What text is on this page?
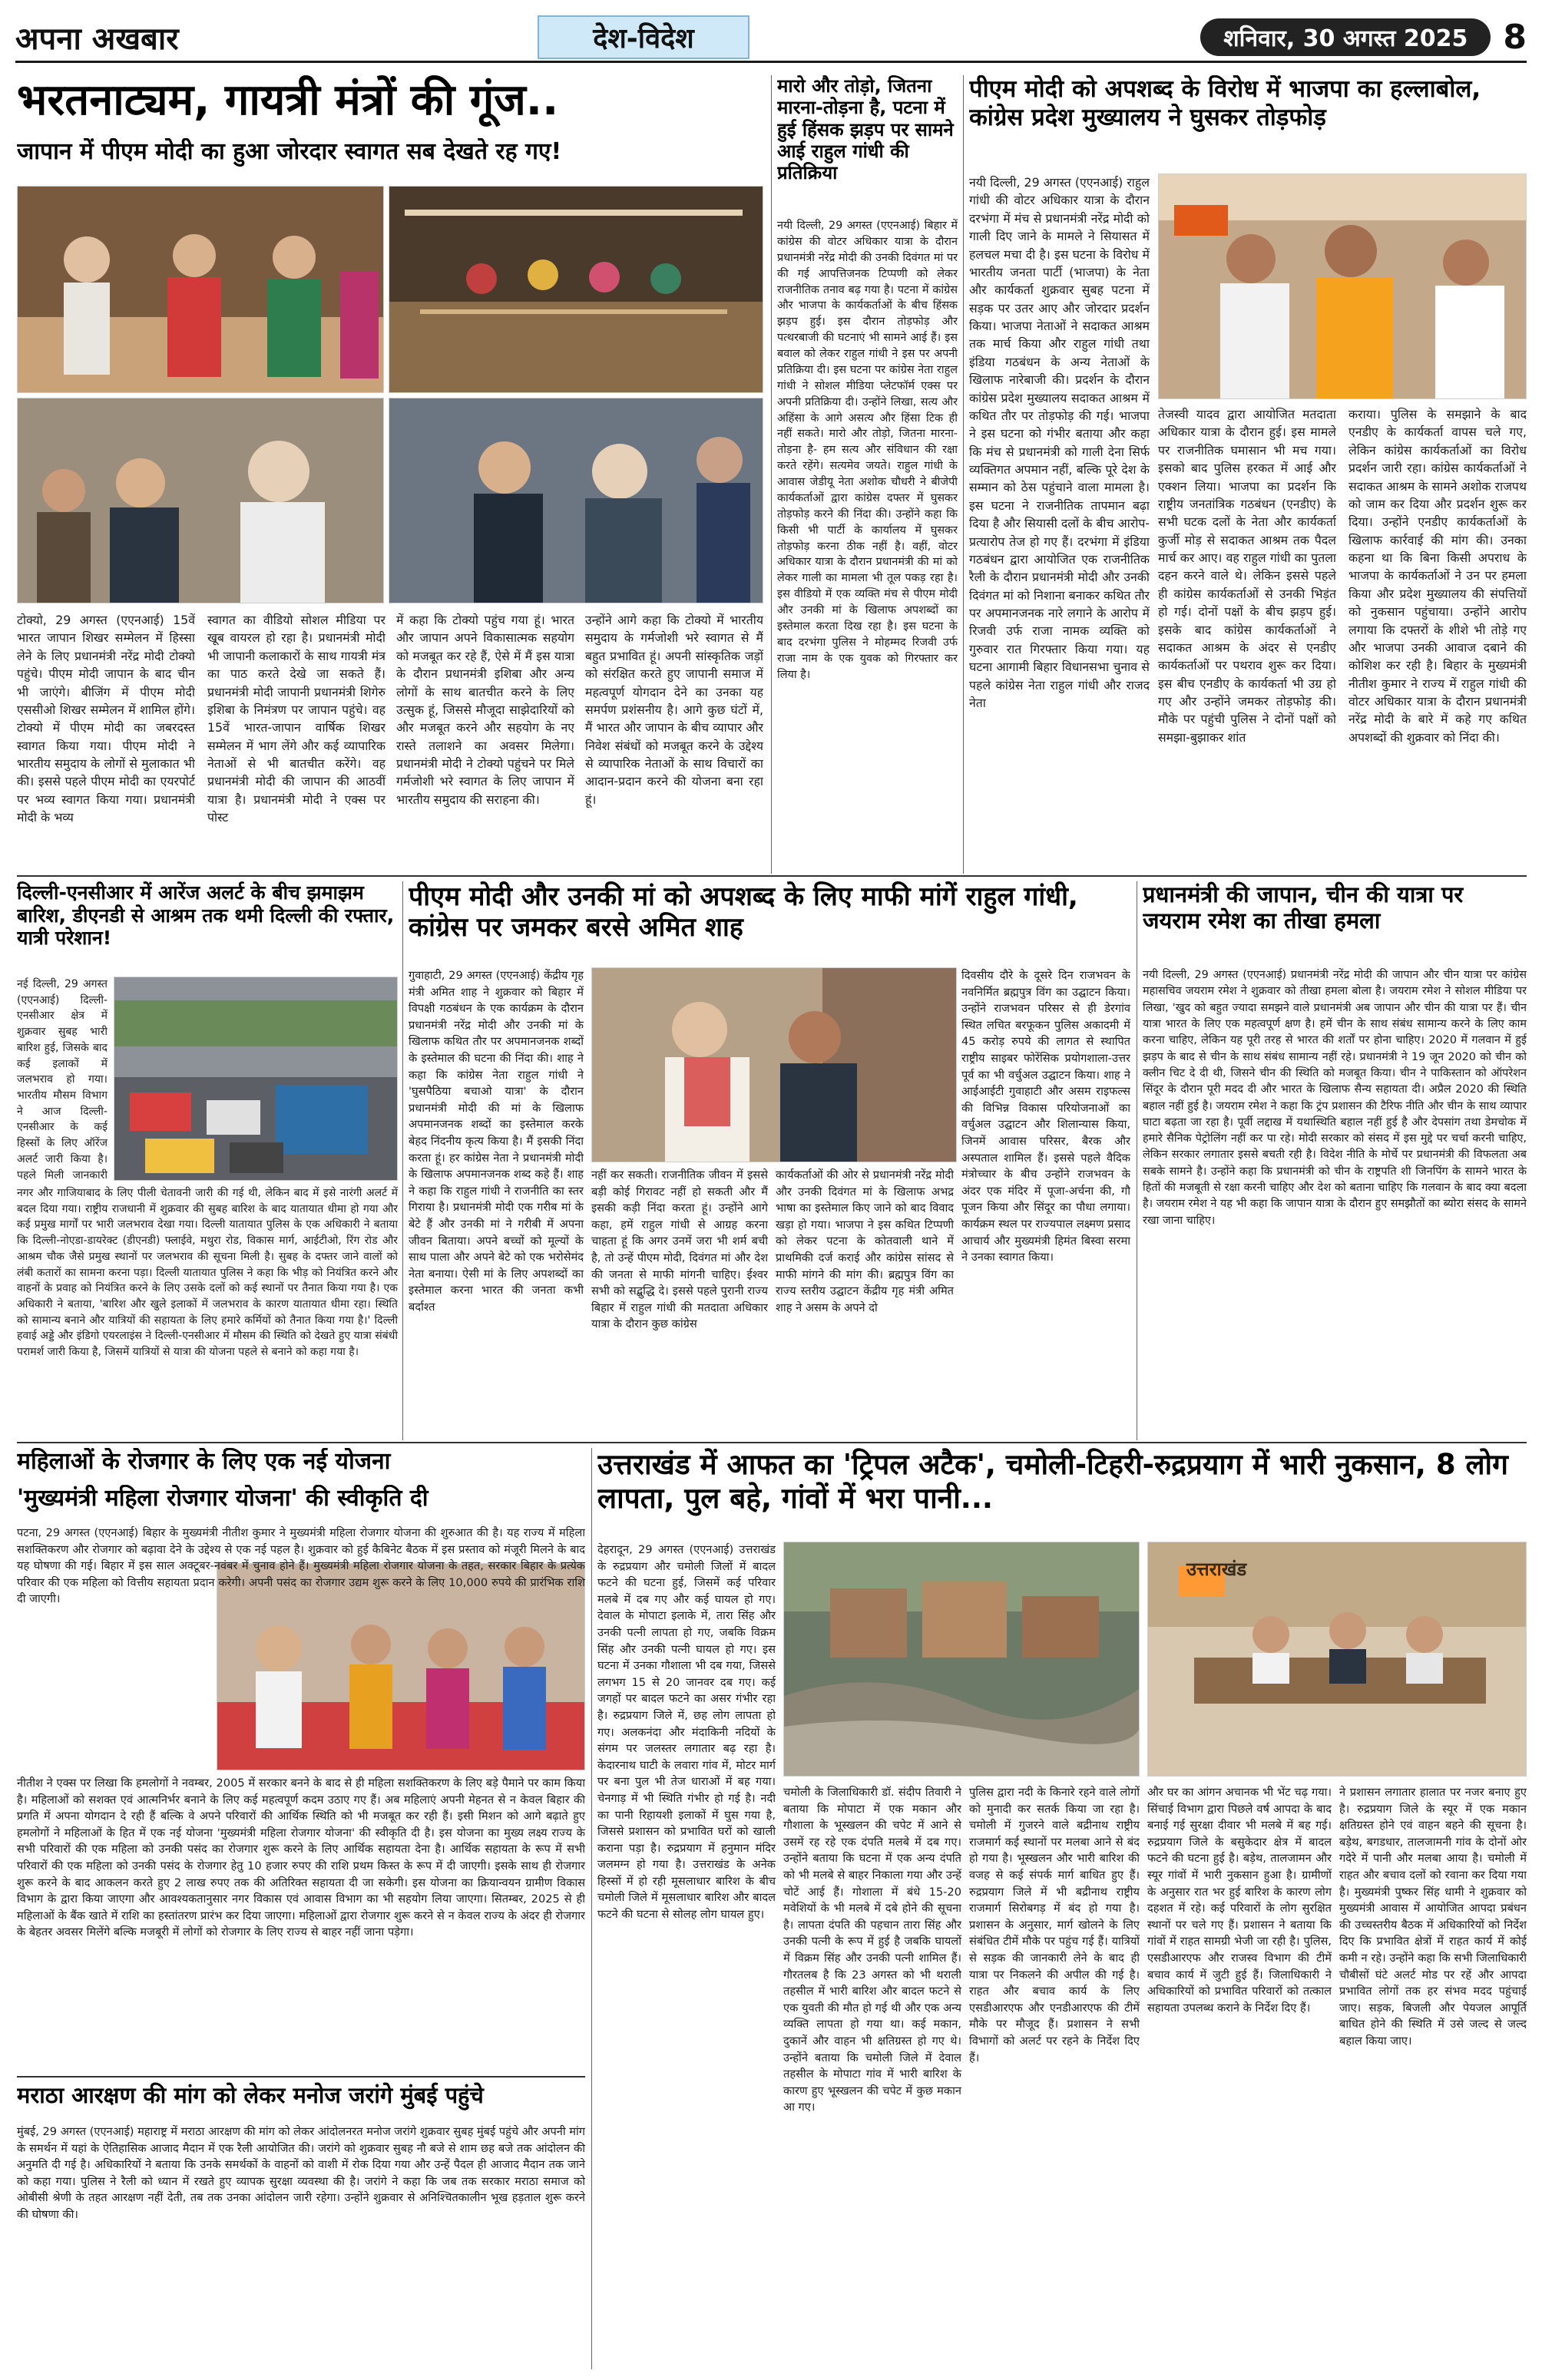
अपना अखबार	देश-विदेश	शनिवार, 30 अगस्त 2025	8
भरतनाट्यम, गायत्री मंत्रों की गूंज..
जापान में पीएम मोदी का हुआ जोरदार स्वागत सब देखते रह गए!
टोक्यो, 29 अगस्त (एएनआई) 15वें भारत जापान शिखर सम्मेलन में हिस्सा लेने के लिए प्रधानमंत्री नरेंद्र मोदी टोक्यो पहुंचे। पीएम मोदी जापान के बाद चीन भी जाएंगे। बीजिंग में पीएम मोदी एससीओ शिखर सम्मेलन में शामिल होंगे। टोक्यो में पीएम मोदी का जबरदस्त स्वागत किया गया। पीएम मोदी ने भारतीय समुदाय के लोगों से मुलाकात भी की। इससे पहले पीएम मोदी का एयरपोर्ट पर भव्य स्वागत किया गया। प्रधानमंत्री मोदी के भव्य
स्वागत का वीडियो सोशल मीडिया पर खूब वायरल हो रहा है। प्रधानमंत्री मोदी भी जापानी कलाकारों के साथ गायत्री मंत्र का पाठ करते देखे जा सकते हैं। प्रधानमंत्री मोदी जापानी प्रधानमंत्री शिगेरु इशिबा के निमंत्रण पर जापान पहुंचे। वह 15वें भारत-जापान वार्षिक शिखर सम्मेलन में भाग लेंगे और कई व्यापारिक नेताओं से भी बातचीत करेंगे। वह प्रधानमंत्री मोदी की जापान की आठवीं यात्रा है। प्रधानमंत्री मोदी ने एक्स पर पोस्ट
में कहा कि टोक्यो पहुंच गया हूं। भारत और जापान अपने विकासात्मक सहयोग को मजबूत कर रहे हैं, ऐसे में मैं इस यात्रा के दौरान प्रधानमंत्री इशिबा और अन्य लोगों के साथ बातचीत करने के लिए उत्सुक हूं, जिससे मौजूदा साझेदारियों को और मजबूत करने और सहयोग के नए रास्ते तलाशने का अवसर मिलेगा। प्रधानमंत्री मोदी ने टोक्यो पहुंचने पर मिले गर्मजोशी भरे स्वागत के लिए जापान में भारतीय समुदाय की सराहना की।
उन्होंने आगे कहा कि टोक्यो में भारतीय समुदाय के गर्मजोशी भरे स्वागत से मैं बहुत प्रभावित हूं। अपनी सांस्कृतिक जड़ों को संरक्षित करते हुए जापानी समाज में महत्वपूर्ण योगदान देने का उनका यह समर्पण प्रशंसनीय है। आगे कुछ घंटों में, मैं भारत और जापान के बीच व्यापार और निवेश संबंधों को मजबूत करने के उद्देश्य से व्यापारिक नेताओं के साथ विचारों का आदान-प्रदान करने की योजना बना रहा हूं।
मारो और तोड़ो, जितना मारना-तोड़ना है, पटना में हुई हिंसक झड़प पर सामने आई राहुल गांधी की प्रतिक्रिया
नयी दिल्ली, 29 अगस्त (एएनआई) बिहार में कांग्रेस की वोटर अधिकार यात्रा के दौरान प्रधानमंत्री नरेंद्र मोदी की उनकी दिवंगत मां पर की गई आपत्तिजनक टिप्पणी को लेकर राजनीतिक तनाव बढ़ गया है। पटना में कांग्रेस और भाजपा के कार्यकर्ताओं के बीच हिंसक झड़प हुई। इस दौरान तोड़फोड़ और पत्थरबाजी की घटनाएं भी सामने आई हैं। इस बवाल को लेकर राहुल गांधी ने इस पर अपनी प्रतिक्रिया दी। इस घटना पर कांग्रेस नेता राहुल गांधी ने सोशल मीडिया प्लेटफॉर्म एक्स पर अपनी प्रतिक्रिया दी। उन्होंने लिखा, सत्य और अहिंसा के आगे असत्य और हिंसा टिक ही नहीं सकते। मारो और तोड़ो, जितना मारना-तोड़ना है- हम सत्य और संविधान की रक्षा करते रहेंगे। सत्यमेव जयते। राहुल गांधी के आवास जेडीयू नेता अशोक चौधरी ने बीजेपी कार्यकर्ताओं द्वारा कांग्रेस दफ्तर में घुसकर तोड़फोड़ करने की निंदा की। उन्होंने कहा कि किसी भी पार्टी के कार्यालय में घुसकर तोड़फोड़ करना ठीक नहीं है। वहीं, वोटर अधिकार यात्रा के दौरान प्रधानमंत्री की मां को लेकर गाली का मामला भी तूल पकड़ रहा है। इस वीडियो में एक व्यक्ति मंच से पीएम मोदी और उनकी मां के खिलाफ अपशब्दों का इस्तेमाल करता दिख रहा है। इस घटना के बाद दरभंगा पुलिस ने मोहम्मद रिजवी उर्फ राजा नाम के एक युवक को गिरफ्तार कर लिया है।
पीएम मोदी को अपशब्द के विरोध में भाजपा का हल्लाबोल, कांग्रेस प्रदेश मुख्यालय ने घुसकर तोड़फोड़
नयी दिल्ली, 29 अगस्त (एएनआई) राहुल गांधी की वोटर अधिकार यात्रा के दौरान दरभंगा में मंच से प्रधानमंत्री नरेंद्र मोदी को गाली दिए जाने के मामले ने सियासत में हलचल मचा दी है। इस घटना के विरोध में भारतीय जनता पार्टी (भाजपा) के नेता और कार्यकर्ता शुक्रवार सुबह पटना में सड़क पर उतर आए और जोरदार प्रदर्शन किया। भाजपा नेताओं ने सदाकत आश्रम तक मार्च किया और राहुल गांधी तथा इंडिया गठबंधन के अन्य नेताओं के खिलाफ नारेबाजी की। प्रदर्शन के दौरान कांग्रेस प्रदेश मुख्यालय सदाकत आश्रम में कथित तौर पर तोड़फोड़ की गई। भाजपा ने इस घटना को गंभीर बताया और कहा कि मंच से प्रधानमंत्री को गाली देना सिर्फ व्यक्तिगत अपमान नहीं, बल्कि पूरे देश के सम्मान को ठेस पहुंचाने वाला मामला है। इस घटना ने राजनीतिक तापमान बढ़ा दिया है और सियासी दलों के बीच आरोप-प्रत्यारोप तेज हो गए हैं। दरभंगा में इंडिया गठबंधन द्वारा आयोजित एक राजनीतिक रैली के दौरान प्रधानमंत्री मोदी और उनकी दिवंगत मां को निशाना बनाकर कथित तौर पर अपमानजनक नारे लगाने के आरोप में रिजवी उर्फ राजा नामक व्यक्ति को गुरुवार रात गिरफ्तार किया गया। यह घटना आगामी बिहार विधानसभा चुनाव से पहले कांग्रेस नेता राहुल गांधी और राजद नेता
तेजस्वी यादव द्वारा आयोजित मतदाता अधिकार यात्रा के दौरान हुई। इस मामले पर राजनीतिक घमासान भी मच गया। इसको बाद पुलिस हरकत में आई और एक्शन लिया। भाजपा का प्रदर्शन कि राष्ट्रीय जनतांत्रिक गठबंधन (एनडीए) के सभी घटक दलों के नेता और कार्यकर्ता कुर्जी मोड़ से सदाकत आश्रम तक पैदल मार्च कर आए। वह राहुल गांधी का पुतला दहन करने वाले थे। लेकिन इससे पहले ही कांग्रेस कार्यकर्ताओं से उनकी भिड़ंत हो गई। दोनों पक्षों के बीच झड़प हुई। इसके बाद कांग्रेस कार्यकर्ताओं ने सदाकत आश्रम के अंदर से एनडीए कार्यकर्ताओं पर पथराव शुरू कर दिया। इस बीच एनडीए के कार्यकर्ता भी उग्र हो गए और उन्होंने जमकर तोड़फोड़ की। मौके पर पहुंची पुलिस ने दोनों पक्षों को समझा-बुझाकर शांत
कराया। पुलिस के समझाने के बाद एनडीए के कार्यकर्ता वापस चले गए, लेकिन कांग्रेस कार्यकर्ताओं का विरोध प्रदर्शन जारी रहा। कांग्रेस कार्यकर्ताओं ने सदाकत आश्रम के सामने अशोक राजपथ को जाम कर दिया और प्रदर्शन शुरू कर दिया। उन्होंने एनडीए कार्यकर्ताओं के खिलाफ कार्रवाई की मांग की। उनका कहना था कि बिना किसी अपराध के भाजपा के कार्यकर्ताओं ने उन पर हमला किया और प्रदेश मुख्यालय की संपत्तियों को नुकसान पहुंचाया। उन्होंने आरोप लगाया कि दफ्तरों के शीशे भी तोड़े गए और भाजपा उनकी आवाज दबाने की कोशिश कर रही है। बिहार के मुख्यमंत्री नीतीश कुमार ने राज्य में राहुल गांधी की वोटर अधिकार यात्रा के दौरान प्रधानमंत्री नरेंद्र मोदी के बारे में कहे गए कथित अपशब्दों की शुक्रवार को निंदा की।
दिल्ली-एनसीआर में आरेंज अलर्ट के बीच झमाझम बारिश, डीएनडी से आश्रम तक थमी दिल्ली की रफ्तार, यात्री परेशान!
नई दिल्ली, 29 अगस्त (एएनआई) दिल्ली-एनसीआर क्षेत्र में शुक्रवार सुबह भारी बारिश हुई, जिसके बाद कई इलाकों में जलभराव हो गया। भारतीय मौसम विभाग ने आज दिल्ली-एनसीआर के कई हिस्सों के लिए ऑरेंज अलर्ट जारी किया है। पहले मिली जानकारी
नगर और गाजियाबाद के लिए पीली चेतावनी जारी की गई थी, लेकिन बाद में इसे नारंगी अलर्ट में बदल दिया गया। राष्ट्रीय राजधानी में शुक्रवार की सुबह बारिश के बाद यातायात धीमा हो गया और कई प्रमुख मार्गों पर भारी जलभराव देखा गया। दिल्ली यातायात पुलिस के एक अधिकारी ने बताया कि दिल्ली-नोएडा-डायरेक्ट (डीएनडी) फ्लाईवे, मथुरा रोड, विकास मार्ग, आईटीओ, रिंग रोड और आश्रम चौक जैसे प्रमुख स्थानों पर जलभराव की सूचना मिली है। सुबह के दफ्तर जाने वालों को लंबी कतारों का सामना करना पड़ा। दिल्ली यातायात पुलिस ने कहा कि भीड़ को नियंत्रित करने और वाहनों के प्रवाह को नियंत्रित करने के लिए उसके दलों को कई स्थानों पर तैनात किया गया है। एक अधिकारी ने बताया, 'बारिश और खुले इलाकों में जलभराव के कारण यातायात धीमा रहा। स्थिति को सामान्य बनाने और यात्रियों की सहायता के लिए हमारे कर्मियों को तैनात किया गया है।' दिल्ली हवाई अड्डे और इंडिगो एयरलाइंस ने दिल्ली-एनसीआर में मौसम की स्थिति को देखते हुए यात्रा संबंधी परामर्श जारी किया है, जिसमें यात्रियों से यात्रा की योजना पहले से बनाने को कहा गया है।
पीएम मोदी और उनकी मां को अपशब्द के लिए माफी मांगें राहुल गांधी, कांग्रेस पर जमकर बरसे अमित शाह
गुवाहाटी, 29 अगस्त (एएनआई) केंद्रीय गृह मंत्री अमित शाह ने शुक्रवार को बिहार में विपक्षी गठबंधन के एक कार्यक्रम के दौरान प्रधानमंत्री नरेंद्र मोदी और उनकी मां के खिलाफ कथित तौर पर अपमानजनक शब्दों के इस्तेमाल की घटना की निंदा की। शाह ने कहा कि कांग्रेस नेता राहुल गांधी ने 'घुसपैठिया बचाओ यात्रा' के दौरान प्रधानमंत्री मोदी की मां के खिलाफ अपमानजनक शब्दों का इस्तेमाल करके बेहद निंदनीय कृत्य किया है। मैं इसकी निंदा करता हूं। हर कांग्रेस नेता ने प्रधानमंत्री मोदी के खिलाफ अपमानजनक शब्द कहे हैं। शाह ने कहा कि राहुल गांधी ने राजनीति का स्तर गिराया है। प्रधानमंत्री मोदी एक गरीब मां के बेटे हैं और उनकी मां ने गरीबी में अपना जीवन बिताया। अपने बच्चों को मूल्यों के साथ पाला और अपने बेटे को एक भरोसेमंद नेता बनाया। ऐसी मां के लिए अपशब्दों का इस्तेमाल करना भारत की जनता कभी बर्दाश्त
नहीं कर सकती। राजनीतिक जीवन में इससे बड़ी कोई गिरावट नहीं हो सकती और मैं इसकी कड़ी निंदा करता हूं। उन्होंने आगे कहा, हमें राहुल गांधी से आग्रह करना चाहता हूं कि अगर उनमें जरा भी शर्म बची है, तो उन्हें पीएम मोदी, दिवंगत मां और देश की जनता से माफी मांगनी चाहिए। ईश्वर सभी को सद्बुद्धि दे। इससे पहले पुरानी राज्य बिहार में राहुल गांधी की मतदाता अधिकार यात्रा के दौरान कुछ कांग्रेस
कार्यकर्ताओं की ओर से प्रधानमंत्री नरेंद्र मोदी और उनकी दिवंगत मां के खिलाफ अभद्र भाषा का इस्तेमाल किए जाने को बाद विवाद खड़ा हो गया। भाजपा ने इस कथित टिप्पणी को लेकर पटना के कोतवाली थाने में प्राथमिकी दर्ज कराई और कांग्रेस सांसद से माफी मांगने की मांग की। ब्रह्मपुत्र विंग का राज्य स्तरीय उद्घाटन केंद्रीय गृह मंत्री अमित शाह ने असम के अपने दो
दिवसीय दौरे के दूसरे दिन राजभवन के नवनिर्मित ब्रह्मपुत्र विंग का उद्घाटन किया। उन्होंने राजभवन परिसर से ही डेरगांव स्थित लचित बरफूकन पुलिस अकादमी में 45 करोड़ रुपये की लागत से स्थापित राष्ट्रीय साइबर फोरेंसिक प्रयोगशाला-उत्तर पूर्व का भी वर्चुअल उद्घाटन किया। शाह ने आईआईटी गुवाहाटी और असम राइफल्स की विभिन्न विकास परियोजनाओं का वर्चुअल उद्घाटन और शिलान्यास किया, जिनमें आवास परिसर, बैरक और अस्पताल शामिल हैं। इससे पहले वैदिक मंत्रोच्चार के बीच उन्होंने राजभवन के अंदर एक मंदिर में पूजा-अर्चना की, गौ पूजन किया और सिंदूर का पौधा लगाया। कार्यक्रम स्थल पर राज्यपाल लक्ष्मण प्रसाद आचार्य और मुख्यमंत्री हिमंत बिस्वा सरमा ने उनका स्वागत किया।
प्रधानमंत्री की जापान, चीन की यात्रा पर जयराम रमेश का तीखा हमला
नयी दिल्ली, 29 अगस्त (एएनआई) प्रधानमंत्री नरेंद्र मोदी की जापान और चीन यात्रा पर कांग्रेस महासचिव जयराम रमेश ने शुक्रवार को तीखा हमला बोला है। जयराम रमेश ने सोशल मीडिया पर लिखा, 'खुद को बहुत ज्यादा समझने वाले प्रधानमंत्री अब जापान और चीन की यात्रा पर हैं। चीन यात्रा भारत के लिए एक महत्वपूर्ण क्षण है। हमें चीन के साथ संबंध सामान्य करने के लिए काम करना चाहिए, लेकिन यह पूरी तरह से भारत की शर्तों पर होना चाहिए। 2020 में गलवान में हुई झड़प के बाद से चीन के साथ संबंध सामान्य नहीं रहे। प्रधानमंत्री ने 19 जून 2020 को चीन को क्लीन चिट दे दी थी, जिसने चीन की स्थिति को मजबूत किया। चीन ने पाकिस्तान को ऑपरेशन सिंदूर के दौरान पूरी मदद दी और भारत के खिलाफ सैन्य सहायता दी। अप्रैल 2020 की स्थिति बहाल नहीं हुई है। जयराम रमेश ने कहा कि ट्रंप प्रशासन की टैरिफ नीति और चीन के साथ व्यापार घाटा बढ़ता जा रहा है। पूर्वी लद्दाख में यथास्थिति बहाल नहीं हुई है और देपसांग तथा डेमचोक में हमारे सैनिक पेट्रोलिंग नहीं कर पा रहे। मोदी सरकार को संसद में इस मुद्दे पर चर्चा करनी चाहिए, लेकिन सरकार लगातार इससे बचती रही है। विदेश नीति के मोर्चे पर प्रधानमंत्री की विफलता अब सबके सामने है। उन्होंने कहा कि प्रधानमंत्री को चीन के राष्ट्रपति शी जिनपिंग के सामने भारत के हितों की मजबूती से रक्षा करनी चाहिए और देश को बताना चाहिए कि गलवान के बाद क्या बदला है। जयराम रमेश ने यह भी कहा कि जापान यात्रा के दौरान हुए समझौतों का ब्योरा संसद के सामने रखा जाना चाहिए।
महिलाओं के रोजगार के लिए एक नई योजना
'मुख्यमंत्री महिला रोजगार योजना' की स्वीकृति दी
पटना, 29 अगस्त (एएनआई) बिहार के मुख्यमंत्री नीतीश कुमार ने मुख्यमंत्री महिला रोजगार योजना की शुरुआत की है। यह राज्य में महिला सशक्तिकरण और रोजगार को बढ़ावा देने के उद्देश्य से एक नई पहल है। शुक्रवार को हुई कैबिनेट बैठक में इस प्रस्ताव को मंजूरी मिलने के बाद यह घोषणा की गई। बिहार में इस साल अक्टूबर-नवंबर में चुनाव होने हैं। मुख्यमंत्री महिला रोजगार योजना के तहत, सरकार बिहार के प्रत्येक परिवार की एक महिला को वित्तीय सहायता प्रदान करेगी। अपनी पसंद का रोजगार उद्यम शुरू करने के लिए 10,000 रुपये की प्रारंभिक राशि दी जाएगी।
नीतीश ने एक्स पर लिखा कि हमलोगों ने नवम्बर, 2005 में सरकार बनने के बाद से ही महिला सशक्तिकरण के लिए बड़े पैमाने पर काम किया है। महिलाओं को सशक्त एवं आत्मनिर्भर बनाने के लिए कई महत्वपूर्ण कदम उठाए गए हैं। अब महिलाएं अपनी मेहनत से न केवल बिहार की प्रगति में अपना योगदान दे रही हैं बल्कि वे अपने परिवारों की आर्थिक स्थिति को भी मजबूत कर रही हैं। इसी मिशन को आगे बढ़ाते हुए हमलोगों ने महिलाओं के हित में एक नई योजना 'मुख्यमंत्री महिला रोजगार योजना' की स्वीकृति दी है। इस योजना का मुख्य लक्ष्य राज्य के सभी परिवारों की एक महिला को उनकी पसंद का रोजगार शुरू करने के लिए आर्थिक सहायता देना है। आर्थिक सहायता के रूप में सभी परिवारों की एक महिला को उनकी पसंद के रोजगार हेतु 10 हजार रुपए की राशि प्रथम किस्त के रूप में दी जाएगी। इसके साथ ही रोजगार शुरू करने के बाद आकलन करते हुए 2 लाख रुपए तक की अतिरिक्त सहायता दी जा सकेगी। इस योजना का क्रियान्वयन ग्रामीण विकास विभाग के द्वारा किया जाएगा और आवश्यकतानुसार नगर विकास एवं आवास विभाग का भी सहयोग लिया जाएगा। सितम्बर, 2025 से ही महिलाओं के बैंक खाते में राशि का हस्तांतरण प्रारंभ कर दिया जाएगा। महिलाओं द्वारा रोजगार शुरू करने से न केवल राज्य के अंदर ही रोजगार के बेहतर अवसर मिलेंगे बल्कि मजबूरी में लोगों को रोजगार के लिए राज्य से बाहर नहीं जाना पड़ेगा।
मराठा आरक्षण की मांग को लेकर मनोज जरांगे मुंबई पहुंचे
मुंबई, 29 अगस्त (एएनआई) महाराष्ट्र में मराठा आरक्षण की मांग को लेकर आंदोलनरत मनोज जरांगे शुक्रवार सुबह मुंबई पहुंचे और अपनी मांग के समर्थन में यहां के ऐतिहासिक आजाद मैदान में एक रैली आयोजित की। जरांगे को शुक्रवार सुबह नौ बजे से शाम छह बजे तक आंदोलन की अनुमति दी गई है। अधिकारियों ने बताया कि उनके समर्थकों के वाहनों को वाशी में रोक दिया गया और उन्हें पैदल ही आजाद मैदान तक जाने को कहा गया। पुलिस ने रैली को ध्यान में रखते हुए व्यापक सुरक्षा व्यवस्था की है। जरांगे ने कहा कि जब तक सरकार मराठा समाज को ओबीसी श्रेणी के तहत आरक्षण नहीं देती, तब तक उनका आंदोलन जारी रहेगा। उन्होंने शुक्रवार से अनिश्चितकालीन भूख हड़ताल शुरू करने की घोषणा की।
उत्तराखंड में आफत का 'ट्रिपल अटैक', चमोली-टिहरी-रुद्रप्रयाग में भारी नुकसान, 8 लोग लापता, पुल बहे, गांवों में भरा पानी...
देहरादून, 29 अगस्त (एएनआई) उत्तराखंड के रुद्रप्रयाग और चमोली जिलों में बादल फटने की घटना हुई, जिसमें कई परिवार मलबे में दब गए और कई घायल हो गए। देवाल के मोपाटा इलाके में, तारा सिंह और उनकी पत्नी लापता हो गए, जबकि विक्रम सिंह और उनकी पत्नी घायल हो गए। इस घटना में उनका गौशाला भी दब गया, जिससे लगभग 15 से 20 जानवर दब गए। कई जगहों पर बादल फटने का असर गंभीर रहा है। रुद्रप्रयाग जिले में, छह लोग लापता हो गए। अलकनंदा और मंदाकिनी नदियों के संगम पर जलस्तर लगातार बढ़ रहा है। केदारनाथ घाटी के लवारा गांव में, मोटर मार्ग पर बना पुल भी तेज धाराओं में बह गया। चेनगाड़ में भी स्थिति गंभीर हो गई है। नदी का पानी रिहायशी इलाकों में घुस गया है, जिससे प्रशासन को प्रभावित घरों को खाली कराना पड़ा है। रुद्रप्रयाग में हनुमान मंदिर जलमग्न हो गया है। उत्तराखंड के अनेक हिस्सों में हो रही मूसलाधार बारिश के बीच चमोली जिले में मूसलाधार बारिश और बादल फटने की घटना से सोलह लोग घायल हुए।
उत्तराखंड
चमोली के जिलाधिकारी डॉ. संदीप तिवारी ने बताया कि मोपाटा में एक मकान और गौशाला के भूस्खलन की चपेट में आने से उसमें रह रहे एक दंपति मलबे में दब गए। उन्होंने बताया कि घटना में एक अन्य दंपति को भी मलबे से बाहर निकाला गया और उन्हें चोटें आई हैं। गोशाला में बंधे 15-20 मवेशियों के भी मलबे में दबे होने की सूचना है। लापता दंपति की पहचान तारा सिंह और उनकी पत्नी के रूप में हुई है जबकि घायलों में विक्रम सिंह और उनकी पत्नी शामिल हैं। गौरतलब है कि 23 अगस्त को भी थराली तहसील में भारी बारिश और बादल फटने से एक युवती की मौत हो गई थी और एक अन्य व्यक्ति लापता हो गया था। कई मकान, दुकानें और वाहन भी क्षतिग्रस्त हो गए थे। उन्होंने बताया कि चमोली जिले में देवाल तहसील के मोपाटा गांव में भारी बारिश के कारण हुए भूस्खलन की चपेट में कुछ मकान आ गए।
पुलिस द्वारा नदी के किनारे रहने वाले लोगों को मुनादी कर सतर्क किया जा रहा है। चमोली में गुजरने वाले बद्रीनाथ राष्ट्रीय राजमार्ग कई स्थानों पर मलबा आने से बंद हो गया है। भूस्खलन और भारी बारिश की वजह से कई संपर्क मार्ग बाधित हुए हैं। रुद्रप्रयाग जिले में भी बद्रीनाथ राष्ट्रीय राजमार्ग सिरोबगड़ में बंद हो गया है। प्रशासन के अनुसार, मार्ग खोलने के लिए संबंधित टीमें मौके पर पहुंच गई हैं। यात्रियों से सड़क की जानकारी लेने के बाद ही यात्रा पर निकलने की अपील की गई है। राहत और बचाव कार्य के लिए एसडीआरएफ और एनडीआरएफ की टीमें मौके पर मौजूद हैं। प्रशासन ने सभी विभागों को अलर्ट पर रहने के निर्देश दिए हैं।
और घर का आंगन अचानक भी भेंट चढ़ गया। सिंचाई विभाग द्वारा पिछले वर्ष आपदा के बाद बनाई गई सुरक्षा दीवार भी मलबे में बह गई। रुद्रप्रयाग जिले के बसुकेदार क्षेत्र में बादल फटने की घटना हुई है। बड़ेथ, तालजामन और स्यूर गांवों में भारी नुकसान हुआ है। ग्रामीणों के अनुसार रात भर हुई बारिश के कारण लोग दहशत में रहे। कई परिवारों के लोग सुरक्षित स्थानों पर चले गए हैं। प्रशासन ने बताया कि गांवों में राहत सामग्री भेजी जा रही है। पुलिस, एसडीआरएफ और राजस्व विभाग की टीमें बचाव कार्य में जुटी हुई हैं। जिलाधिकारी ने अधिकारियों को प्रभावित परिवारों को तत्काल सहायता उपलब्ध कराने के निर्देश दिए हैं।
ने प्रशासन लगातार हालात पर नजर बनाए हुए है। रुद्रप्रयाग जिले के स्यूर में एक मकान क्षतिग्रस्त होने एवं वाहन बहने की सूचना है। बड़ेथ, बगडधार, तालजामनी गांव के दोनों ओर गदेरे में पानी और मलबा आया है। चमोली में राहत और बचाव दलों को रवाना कर दिया गया है। मुख्यमंत्री पुष्कर सिंह धामी ने शुक्रवार को मुख्यमंत्री आवास में आयोजित आपदा प्रबंधन की उच्चस्तरीय बैठक में अधिकारियों को निर्देश दिए कि प्रभावित क्षेत्रों में राहत कार्य में कोई कमी न रहे। उन्होंने कहा कि सभी जिलाधिकारी चौबीसों घंटे अलर्ट मोड पर रहें और आपदा प्रभावित लोगों तक हर संभव मदद पहुंचाई जाए। सड़क, बिजली और पेयजल आपूर्ति बाधित होने की स्थिति में उसे जल्द से जल्द बहाल किया जाए।
